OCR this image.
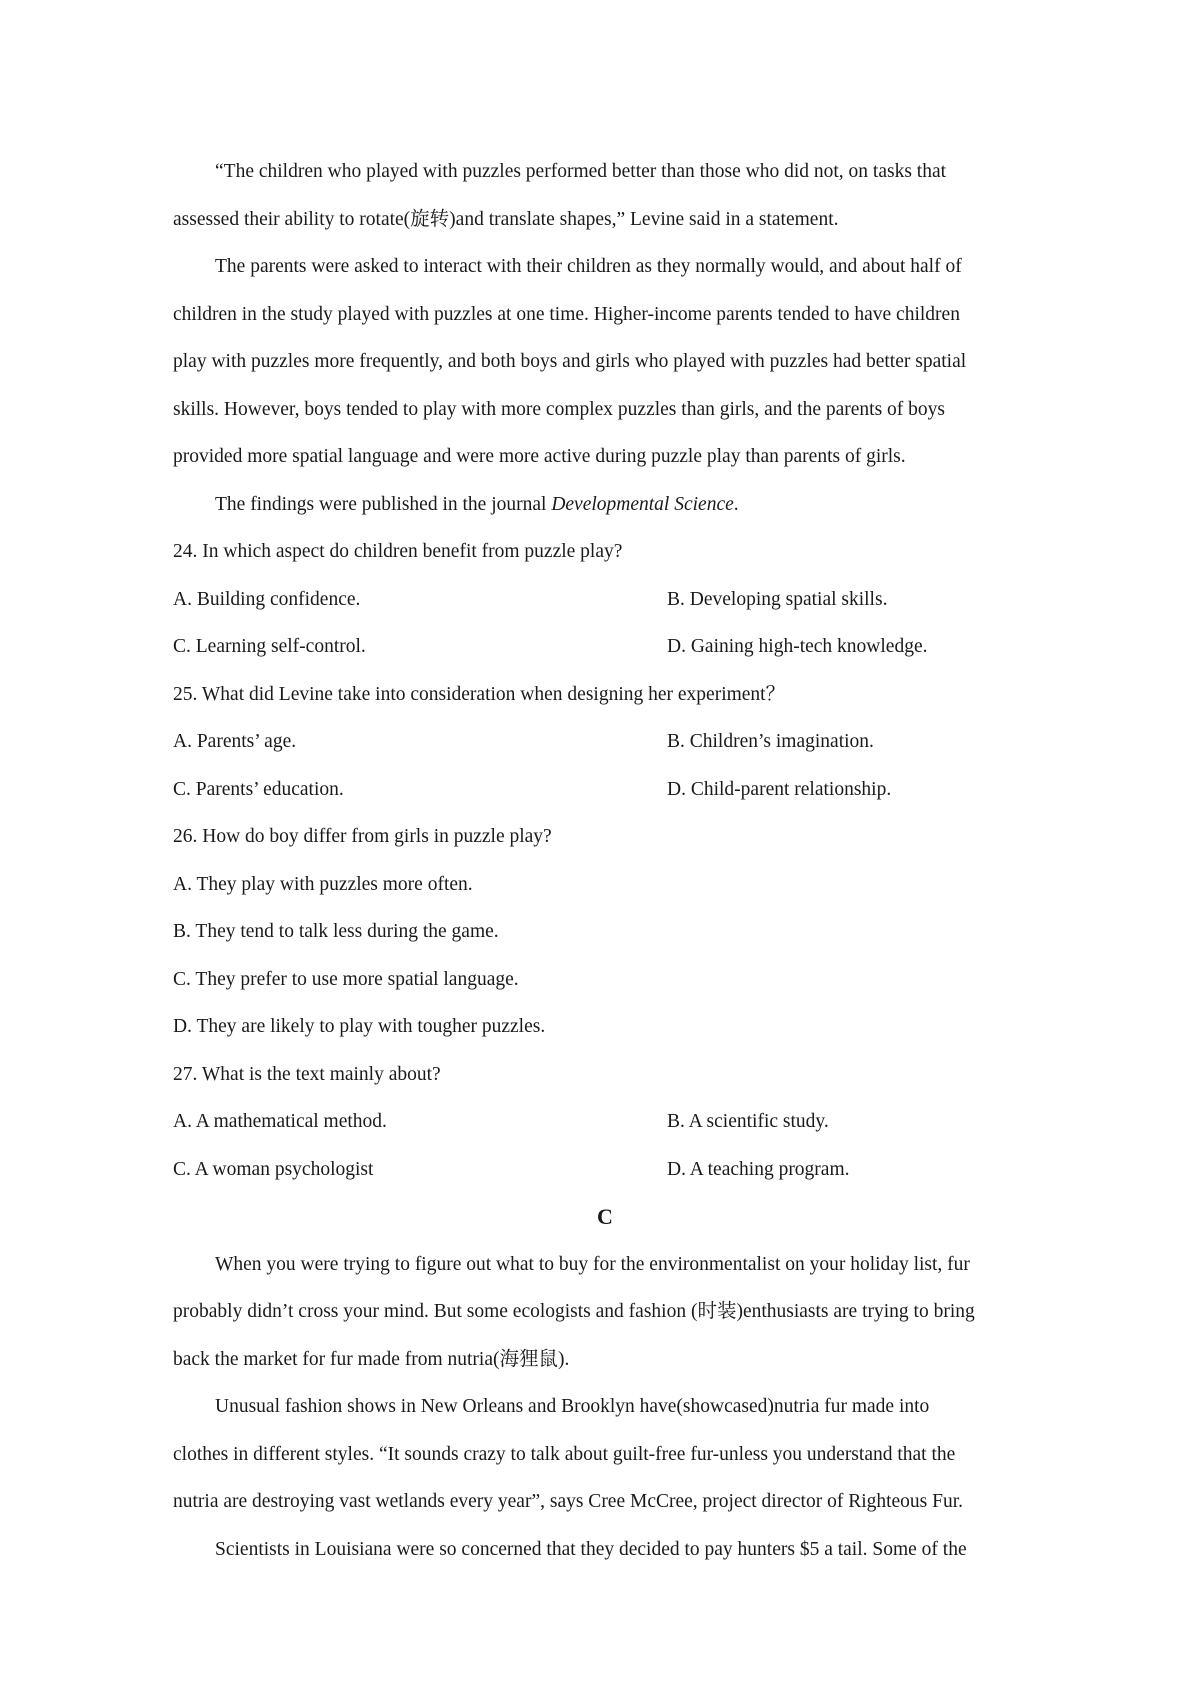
“The children who played with puzzles performed better than those who did not, on tasks that
assessed their ability to rotate(旋转)and translate shapes,” Levine said in a statement.
The parents were asked to interact with their children as they normally would, and about half of
children in the study played with puzzles at one time. Higher-income parents tended to have children
play with puzzles more frequently, and both boys and girls who played with puzzles had better spatial
skills. However, boys tended to play with more complex puzzles than girls, and the parents of boys
provided more spatial language and were more active during puzzle play than parents of girls.
The findings were published in the journal Developmental Science.
24. In which aspect do children benefit from puzzle play?
A. Building confidence.	B. Developing spatial skills.
C. Learning self-control.	D. Gaining high-tech knowledge.
25. What did Levine take into consideration when designing her experiment？
A. Parents’ age.	B. Children’s imagination.
C. Parents’ education.	D. Child-parent relationship.
26. How do boy differ from girls in puzzle play?
A. They play with puzzles more often.
B. They tend to talk less during the game.
C. They prefer to use more spatial language.
D. They are likely to play with tougher puzzles.
27. What is the text mainly about?
A. A mathematical method.	B. A scientific study.
C. A woman psychologist	D. A teaching program.
C
When you were trying to figure out what to buy for the environmentalist on your holiday list, fur
probably didn’t cross your mind. But some ecologists and fashion (时装)enthusiasts are trying to bring
back the market for fur made from nutria(海狸鼠).
Unusual fashion shows in New Orleans and Brooklyn have(showcased)nutria fur made into
clothes in different styles. “It sounds crazy to talk about guilt-free fur-unless you understand that the
nutria are destroying vast wetlands every year”, says Cree McCree, project director of Righteous Fur.
Scientists in Louisiana were so concerned that they decided to pay hunters $5 a tail. Some of the
